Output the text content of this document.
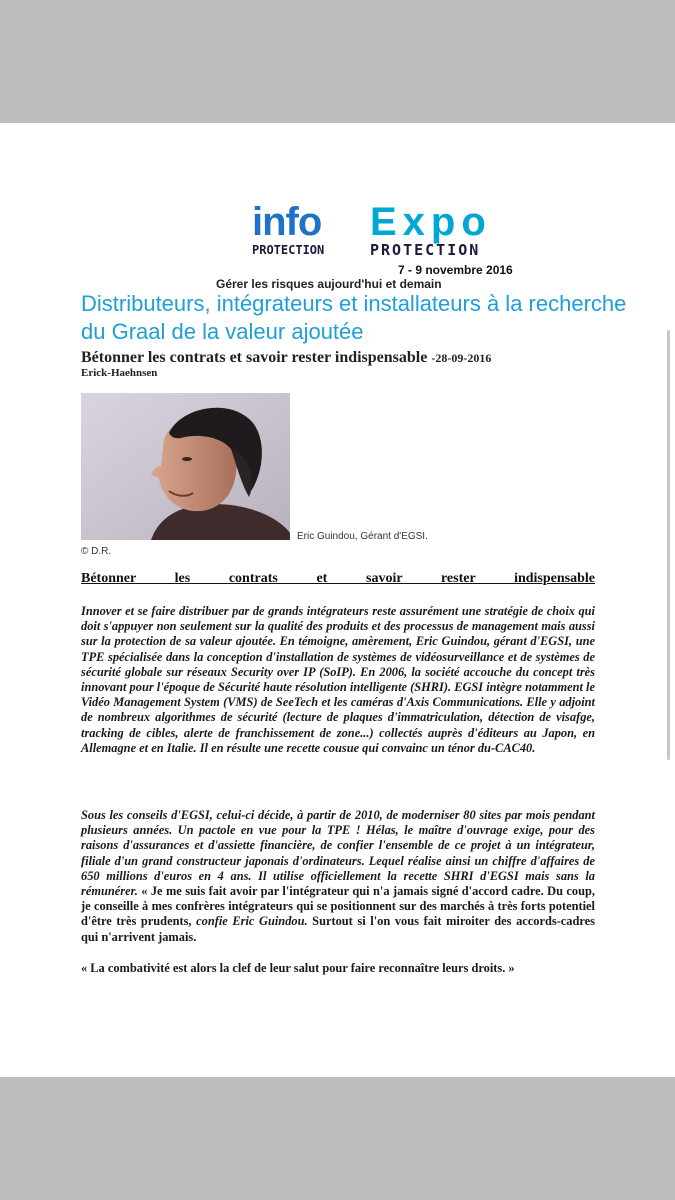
info
PROTECTION
Expo
PROTECTION
7 - 9 novembre 2016
Gérer les risques aujourd'hui et demain
Distributeurs, intégrateurs et installateurs à la recherche du Graal de la valeur ajoutée
Bétonner les contrats et savoir rester indispensable -28-09-2016
Erick-Haehnsen
Eric Guindou, Gérant d'EGSI.
© D.R.
Bétonner les contrats et savoir rester indispensable

Innover et se faire distribuer par de grands intégrateurs reste assurément une stratégie de choix qui doit s'appuyer non seulement sur la qualité des produits et des processus de management mais aussi sur la protection de sa valeur ajoutée. En témoigne, amèrement, Eric Guindou, gérant d'EGSI, une TPE spécialisée dans la conception d'installation de systèmes de vidéosurveillance et de systèmes de sécurité globale sur réseaux Security over IP (SoIP). En 2006, la société accouche du concept très innovant pour l'époque de Sécurité haute résolution intelligente (SHRI). EGSI intègre notamment le Vidéo Management System (VMS) de SeeTech et les caméras d'Axis Communications. Elle y adjoint de nombreux algorithmes de sécurité (lecture de plaques d'immatriculation, détection de visafge, tracking de cibles, alerte de franchissement de zone...) collectés auprès d'éditeurs au Japon, en Allemagne et en Italie. Il en résulte une recette cousue qui convainc un ténor du-CAC40.

Sous les conseils d'EGSI, celui-ci décide, à partir de 2010, de moderniser 80 sites par mois pendant plusieurs années. Un pactole en vue pour la TPE ! Hélas, le maître d'ouvrage exige, pour des raisons d'assurances et d'assiette financière, de confier l'ensemble de ce projet à un intégrateur, filiale d'un grand constructeur japonais d'ordinateurs. Lequel réalise ainsi un chiffre d'affaires de 650 millions d'euros en 4 ans. Il utilise officiellement la recette SHRI d'EGSI mais sans la rémunérer. « Je me suis fait avoir par l'intégrateur qui n'a jamais signé d'accord cadre. Du coup, je conseille à mes confrères intégrateurs qui se positionnent sur des marchés à très forts potentiel d'être très prudents, confie Eric Guindou. Surtout si l'on vous fait miroiter des accords-cadres qui n'arrivent jamais.

« La combativité est alors la clef de leur salut pour faire reconnaître leurs droits. »
